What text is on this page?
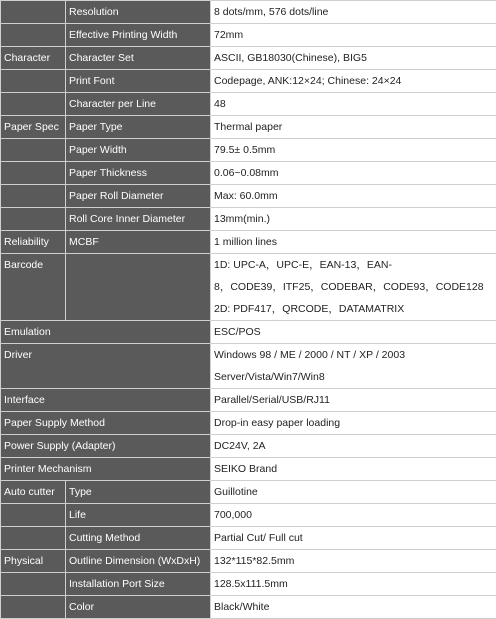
	Resolution	8 dots/mm, 576 dots/line
	Effective Printing Width	72mm
Character	Character Set	ASCII, GB18030(Chinese), BIG5
	Print Font	Codepage, ANK:12×24; Chinese: 24×24
	Character per Line	48
Paper Spec	Paper Type	Thermal paper
	Paper Width	79.5± 0.5mm
	Paper Thickness	0.06~0.08mm
	Paper Roll Diameter	Max: 60.0mm
	Roll Core Inner Diameter	13mm(min.)
Reliability	MCBF	1 million lines
Barcode		1D: UPC-A，UPC-E，EAN-13，EAN-
8，CODE39，ITF25，CODEBAR，CODE93，CODE128
2D: PDF417，QRCODE，DATAMATRIX

Emulation		ESC/POS
Driver		Windows 98 / ME / 2000 / NT / XP / 2003
Server/Vista/Win7/Win8

Interface		Parallel/Serial/USB/RJ11
Paper Supply Method		Drop-in easy paper loading
Power Supply (Adapter)		DC24V, 2A
Printer Mechanism		SEIKO Brand
Auto cutter	Type	Guillotine
	Life	700,000
	Cutting Method	Partial Cut/ Full cut
Physical	Outline Dimension (WxDxH)	132*115*82.5mm
	Installation Port Size	128.5x111.5mm
	Color	Black/White
